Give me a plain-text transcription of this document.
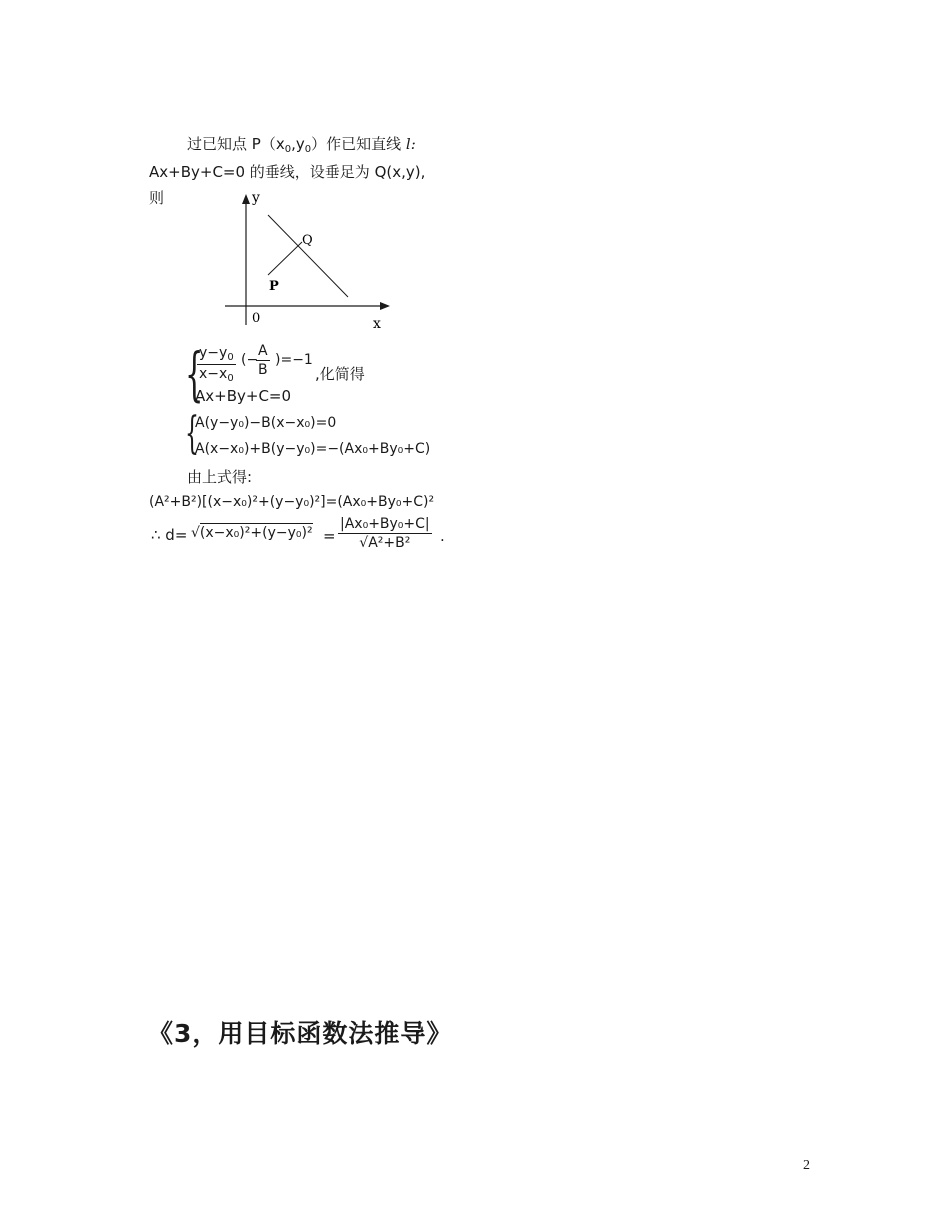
过已知点 $P(x_0,y_0)$作已知直线 l:
Ax+By+C=0 的垂线，设垂足为 Q(x,y),
则	y
x
0
Q
P
{
$\frac{y-y_0}{x-x_0}$ (−
$\frac{A}{B} )=-1$
,化简得
Ax+By+C=0
{
A(y−y₀)−B(x−x₀)=0
A(x−x₀)+B(y−y₀)=−(Ax₀+By₀+C)
由上式得:
(A²+B²)[(x−x₀)²+(y−y₀)²]=(Ax₀+By₀+C)²
∴ $d= √(x-x_0)^2+(y-y_0)^2 = \frac{\text{|Ax₀+By₀+C|}}{\text{√A²+B²}}$ .
《3，用目标函数法推导》
2
